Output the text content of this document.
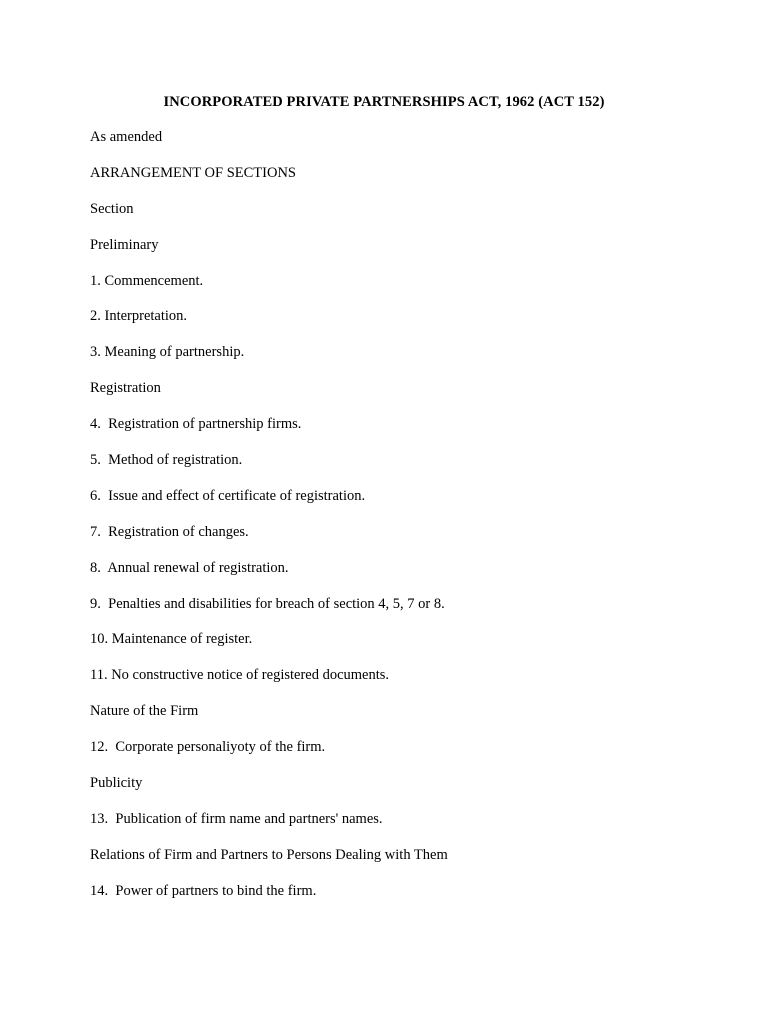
INCORPORATED PRIVATE PARTNERSHIPS ACT, 1962 (ACT 152)
As amended
ARRANGEMENT OF SECTIONS
Section
Preliminary
1. Commencement.
2. Interpretation.
3. Meaning of partnership.
Registration
4.  Registration of partnership firms.
5.  Method of registration.
6.  Issue and effect of certificate of registration.
7.  Registration of changes.
8.  Annual renewal of registration.
9.  Penalties and disabilities for breach of section 4, 5, 7 or 8.
10. Maintenance of register.
11. No constructive notice of registered documents.
Nature of the Firm
12.  Corporate personaliyoty of the firm.
Publicity
13.  Publication of firm name and partners' names.
Relations of Firm and Partners to Persons Dealing with Them
14.  Power of partners to bind the firm.
